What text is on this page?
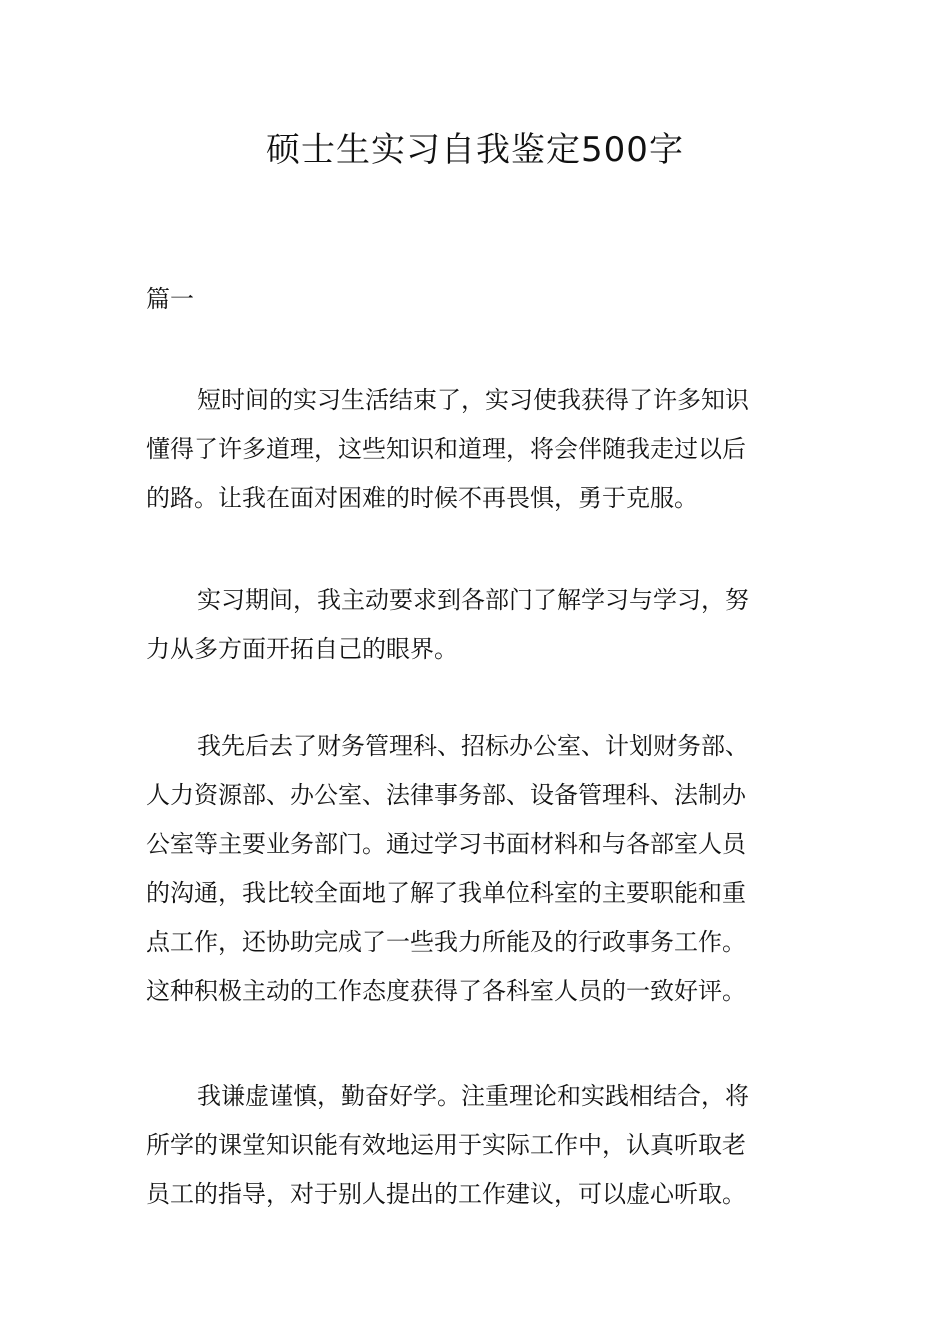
硕士生实习自我鉴定500字

篇一

短时间的实习生活结束了，实习使我获得了许多知识
懂得了许多道理，这些知识和道理，将会伴随我走过以后
的路。让我在面对困难的时候不再畏惧，勇于克服。
实习期间，我主动要求到各部门了解学习与学习，努
力从多方面开拓自己的眼界。
我先后去了财务管理科、招标办公室、计划财务部、
人力资源部、办公室、法律事务部、设备管理科、法制办
公室等主要业务部门。通过学习书面材料和与各部室人员
的沟通，我比较全面地了解了我单位科室的主要职能和重
点工作，还协助完成了一些我力所能及的行政事务工作。
这种积极主动的工作态度获得了各科室人员的一致好评。
我谦虚谨慎，勤奋好学。注重理论和实践相结合，将
所学的课堂知识能有效地运用于实际工作中，认真听取老
员工的指导，对于别人提出的工作建议，可以虚心听取。
